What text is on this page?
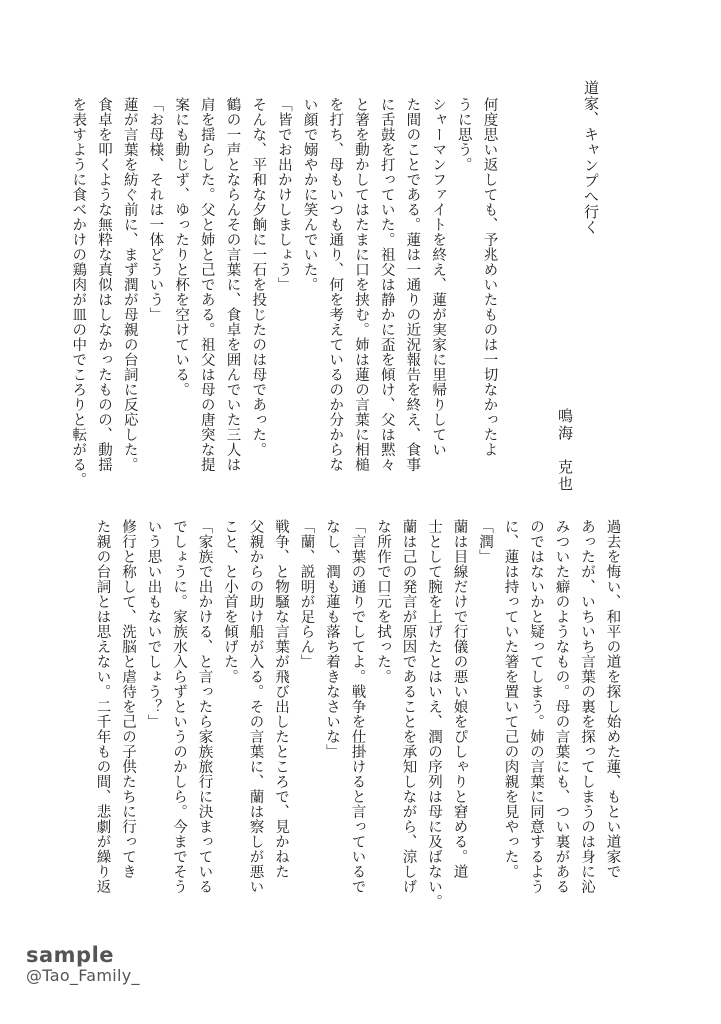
道家、キャンプへ行く
鳴海　克也
何度思い返しても、予兆めいたものは一切なかったよ
うに思う。
シャーマンファイトを終え、蓮が実家に里帰りしてい
た間のことである。蓮は一通りの近況報告を終え、食事
に舌鼓を打っていた。祖父は静かに盃を傾け、父は黙々
と箸を動かしてはたまに口を挟む。姉は蓮の言葉に相槌
を打ち、母もいつも通り、何を考えているのか分からな
い顔で嫋やかに笑んでいた。
「皆でお出かけしましょう」
そんな、平和な夕餉に一石を投じたのは母であった。
鶴の一声とならんその言葉に、食卓を囲んでいた三人は
肩を揺らした。父と姉と己である。祖父は母の唐突な提
案にも動じず、ゆったりと杯を空けている。
「お母様、それは一体どういう」
蓮が言葉を紡ぐ前に、まず潤が母親の台詞に反応した。
食卓を叩くような無粋な真似はしなかったものの、動揺
を表すように食べかけの鶏肉が皿の中でころりと転がる。
過去を悔い、和平の道を探し始めた蓮、もとい道家で
あったが、いちいち言葉の裏を探ってしまうのは身に沁
みついた癖のようなもの。母の言葉にも、つい裏がある
のではないかと疑ってしまう。姉の言葉に同意するよう
に、蓮は持っていた箸を置いて己の肉親を見やった。
「潤」
蘭は目線だけで行儀の悪い娘をぴしゃりと窘める。道
士として腕を上げたとはいえ、潤の序列は母に及ばない。
蘭は己の発言が原因であることを承知しながら、涼しげ
な所作で口元を拭った。
「言葉の通りでしてよ。戦争を仕掛けると言っているで
なし、潤も蓮も落ち着きなさいな」
「蘭、説明が足らん」
戦争、と物騒な言葉が飛び出したところで、見かねた
父親からの助け船が入る。その言葉に、蘭は察しが悪い
こと、と小首を傾げた。
「家族で出かける、と言ったら家族旅行に決まっている
でしょうに。家族水入らずというのかしら。今までそう
いう思い出もないでしょう？」
修行と称して、洗脳と虐待を己の子供たちに行ってき
た親の台詞とは思えない。二千年もの間、悲劇が繰り返
sample
@Tao_Family_
